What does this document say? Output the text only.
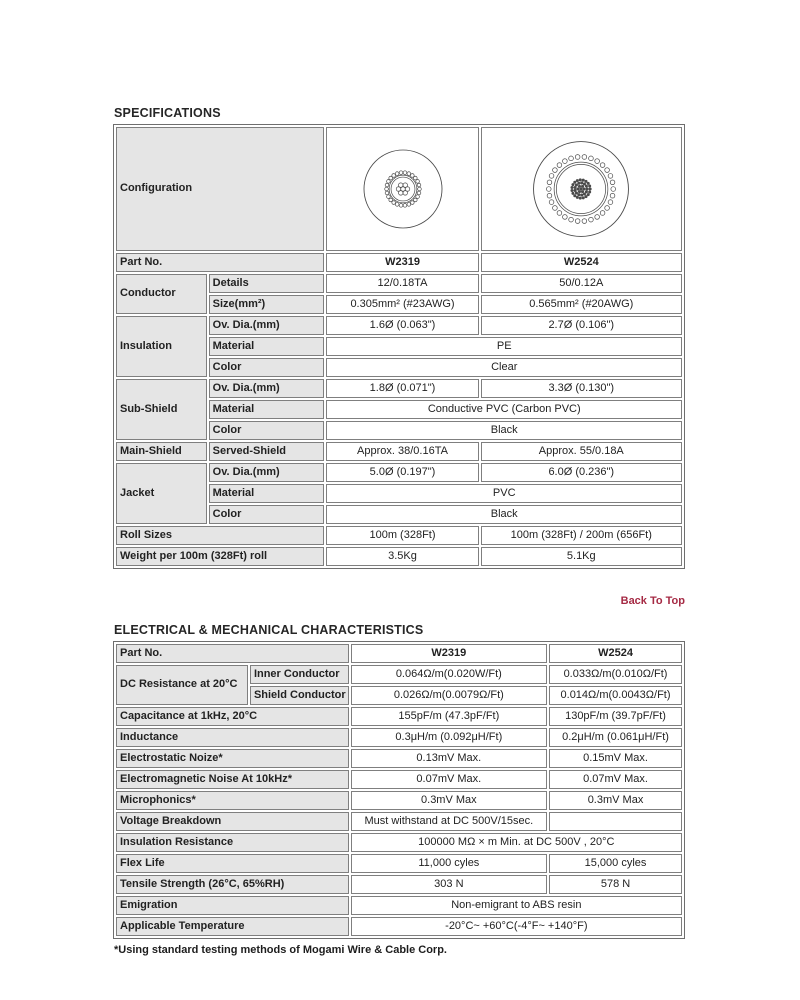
SPECIFICATIONS
Configuration		
Part No.		W2319	W2524
Conductor	Details	12/0.18TA	50/0.12A
	Size(mm²)	0.305mm² (#23AWG)	0.565mm² (#20AWG)
Insulation	Ov. Dia.(mm)	1.6Ø (0.063")	2.7Ø (0.106")
	Material	PE	
	Color	Clear	
Sub-Shield	Ov. Dia.(mm)	1.8Ø (0.071")	3.3Ø (0.130")
	Material	Conductive PVC (Carbon PVC)	
	Color	Black	
Main-Shield	Served-Shield	Approx. 38/0.16TA	Approx. 55/0.18A
Jacket	Ov. Dia.(mm)	5.0Ø (0.197")	6.0Ø (0.236")
	Material	PVC	
	Color	Black	
Roll Sizes		100m (328Ft)	100m (328Ft) / 200m (656Ft)
Weight per 100m (328Ft) roll		3.5Kg	5.1Kg
Back To Top
ELECTRICAL & MECHANICAL CHARACTERISTICS
Part No.		W2319	W2524
DC Resistance at 20°C	Inner Conductor	0.064Ω/m(0.020W/Ft)	0.033Ω/m(0.010Ω/Ft)
	Shield Conductor	0.026Ω/m(0.0079Ω/Ft)	0.014Ω/m(0.0043Ω/Ft)
Capacitance at 1kHz, 20°C		155pF/m (47.3pF/Ft)	130pF/m (39.7pF/Ft)
Inductance		0.3μH/m (0.092μH/Ft)	0.2μH/m (0.061μH/Ft)
Electrostatic Noize*		0.13mV Max.	0.15mV Max.
Electromagnetic Noise At 10kHz*		0.07mV Max.	0.07mV Max.
Microphonics*		0.3mV Max	0.3mV Max
Voltage Breakdown		Must withstand at DC 500V/15sec.	
Insulation Resistance		100000 MΩ × m Min. at DC 500V , 20°C	
Flex Life		11,000 cyles	15,000 cyles
Tensile Strength (26°C, 65%RH)		303 N	578 N
Emigration		Non-emigrant to ABS resin	
Applicable Temperature		-20°C~ +60°C(-4°F~ +140°F)	
*Using standard testing methods of Mogami Wire & Cable Corp.
